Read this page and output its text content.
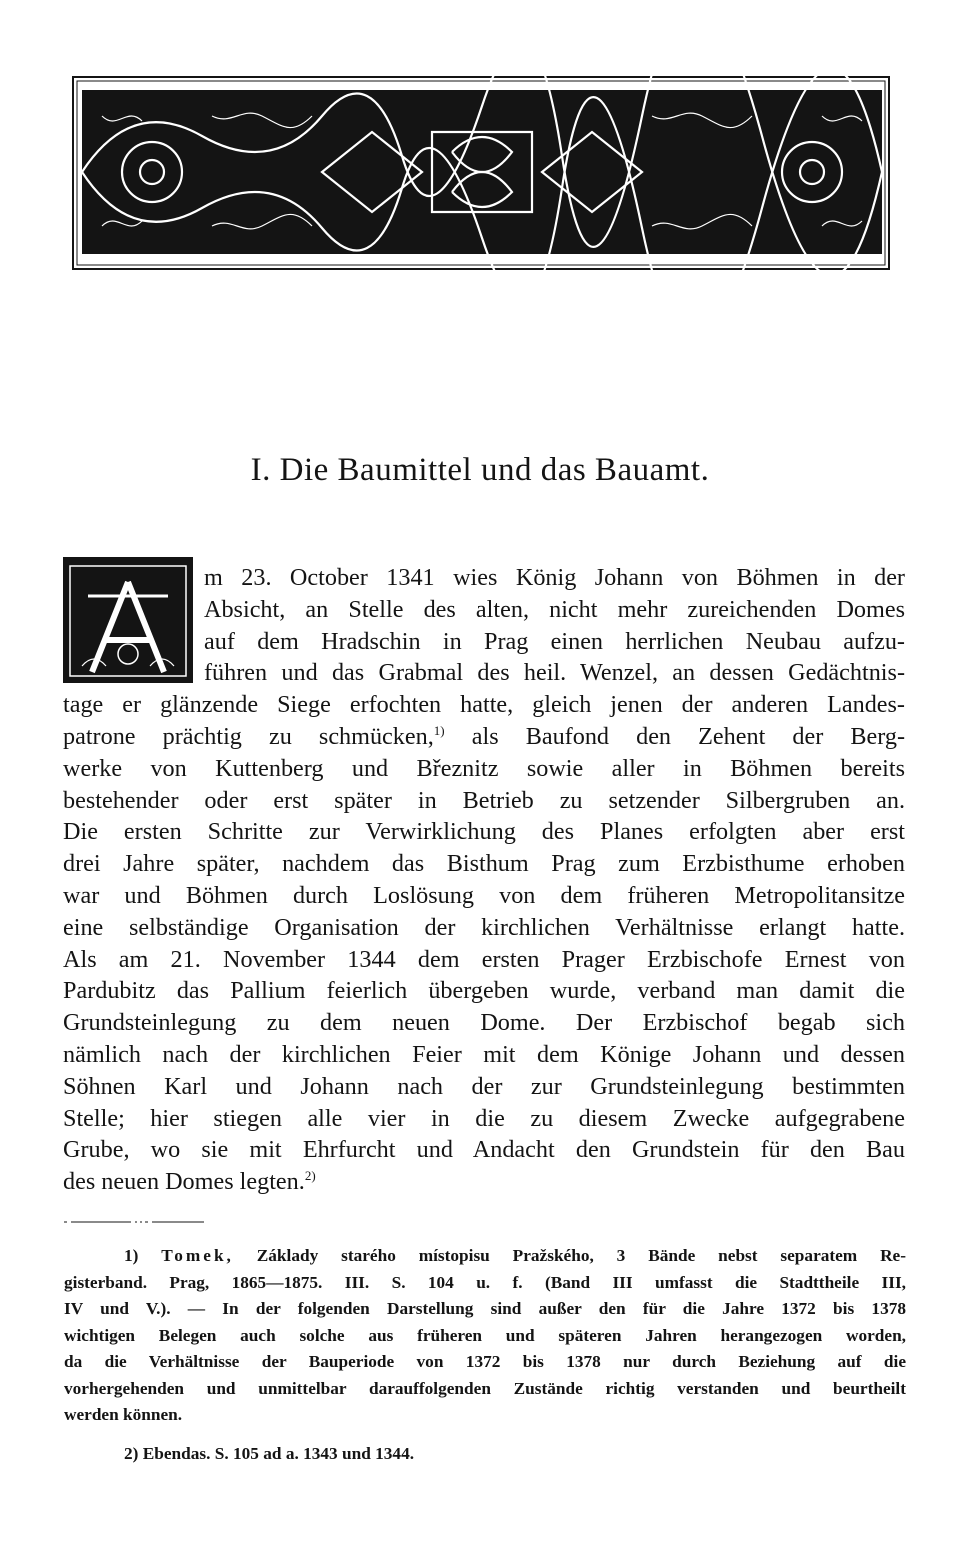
I. Die Baumittel und das Bauamt.
m 23. October 1341 wies König Johann von Böhmen in der
Absicht, an Stelle des alten, nicht mehr zureichenden Domes
auf dem Hradschin in Prag einen herrlichen Neubau aufzu-
führen und das Grabmal des heil. Wenzel, an dessen Gedächtnis-
tage er glänzende Siege erfochten hatte, gleich jenen der anderen Landes-
patrone prächtig zu schmücken,$^{1)}$ als Baufond den Zehent der Berg-
werke von Kuttenberg und Březnitz sowie aller in Böhmen bereits
bestehender oder erst später in Betrieb zu setzender Silbergruben an.
Die ersten Schritte zur Verwirklichung des Planes erfolgten aber erst
drei Jahre später, nachdem das Bisthum Prag zum Erzbisthume erhoben
war und Böhmen durch Loslösung von dem früheren Metropolitansitze
eine selbständige Organisation der kirchlichen Verhältnisse erlangt hatte.
Als am 21. November 1344 dem ersten Prager Erzbischofe Ernest von
Pardubitz das Pallium feierlich übergeben wurde, verband man damit die
Grundsteinlegung zu dem neuen Dome. Der Erzbischof begab sich
nämlich nach der kirchlichen Feier mit dem Könige Johann und dessen
Söhnen Karl und Johann nach der zur Grundsteinlegung bestimmten
Stelle; hier stiegen alle vier in die zu diesem Zwecke aufgegrabene
Grube, wo sie mit Ehrfurcht und Andacht den Grundstein für den Bau
des neuen Domes legten.$^{2)}$
1) Tomek, Základy starého místopisu Pražského, 3 Bände nebst separatem Re-
gisterband. Prag, 1865—1875. III. S. 104 u. f. (Band III umfasst die Stadttheile III,
IV und V.). — In der folgenden Darstellung sind außer den für die Jahre 1372 bis 1378
wichtigen Belegen auch solche aus früheren und späteren Jahren herangezogen worden,
da die Verhältnisse der Bauperiode von 1372 bis 1378 nur durch Beziehung auf die
vorhergehenden und unmittelbar darauffolgenden Zustände richtig verstanden und beurtheilt
werden können.
2) Ebendas. S. 105 ad a. 1343 und 1344.
